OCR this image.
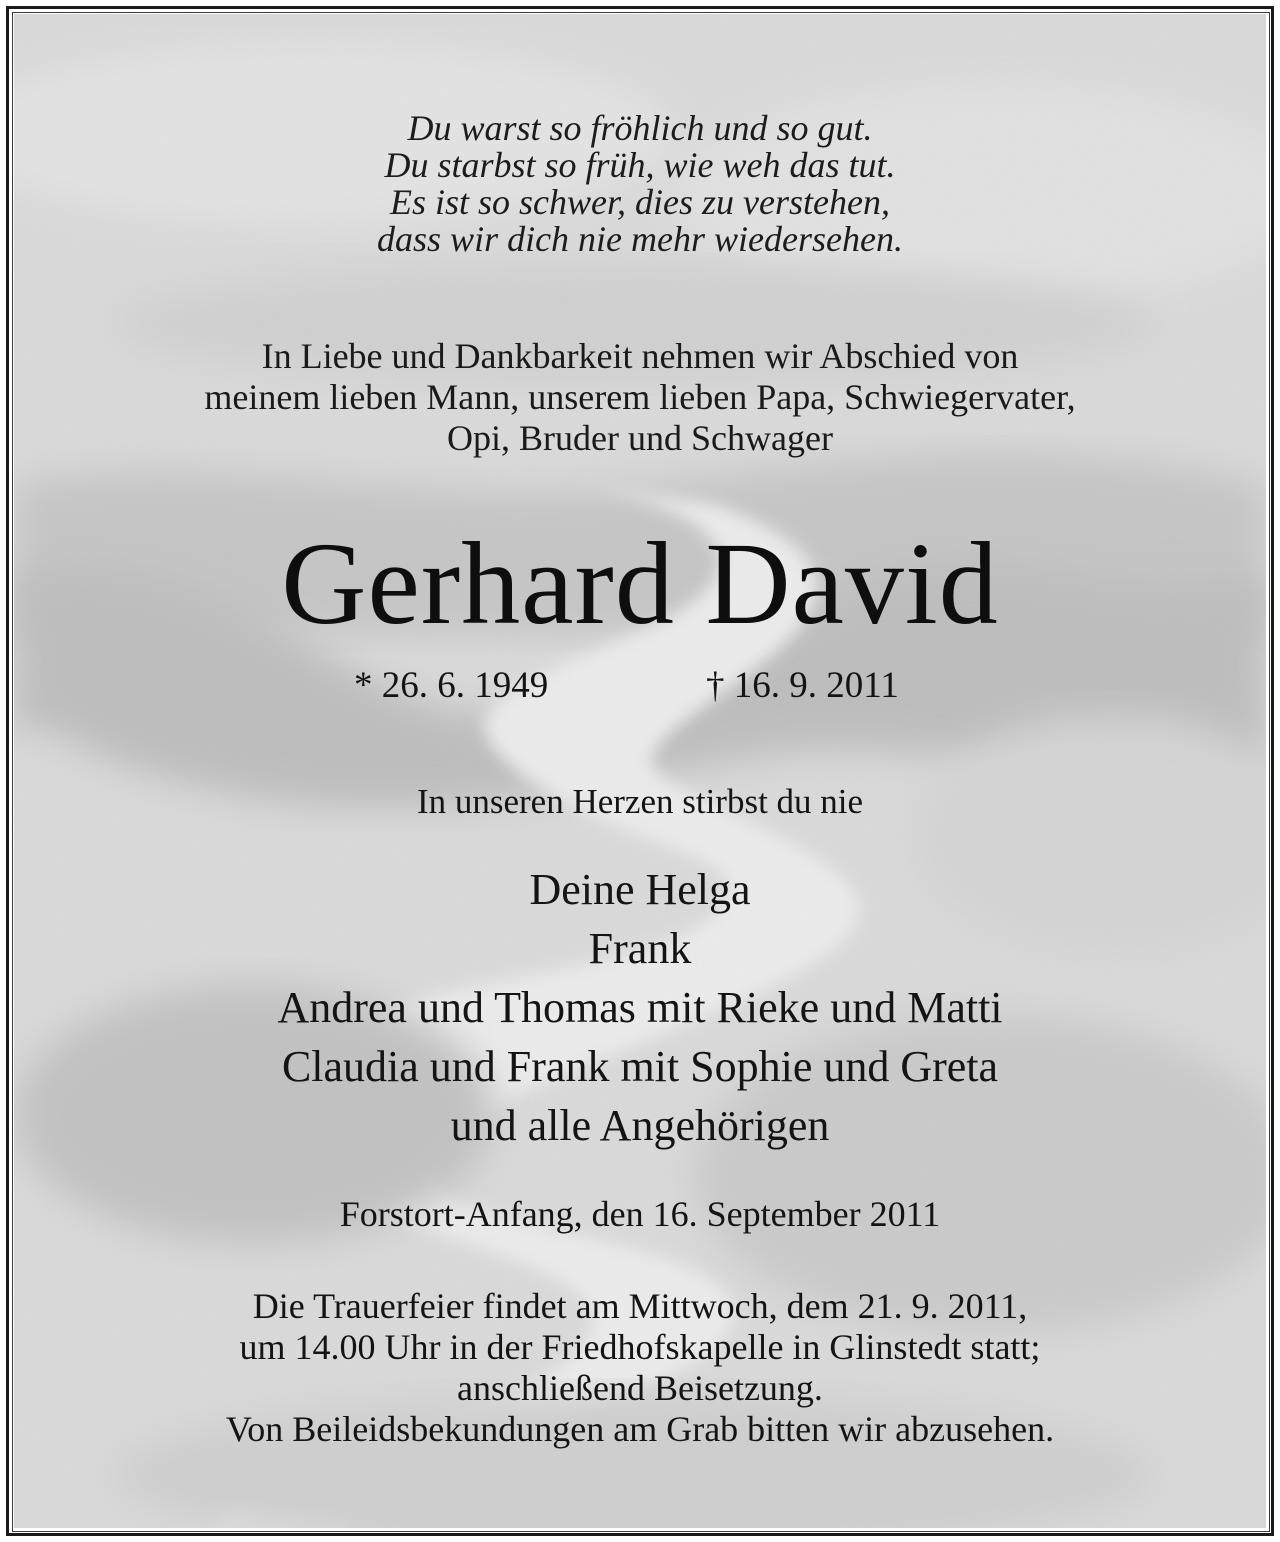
Du warst so fröhlich und so gut.
Du starbst so früh, wie weh das tut.
Es ist so schwer, dies zu verstehen,
dass wir dich nie mehr wiedersehen.
In Liebe und Dankbarkeit nehmen wir Abschied von
meinem lieben Mann, unserem lieben Papa, Schwiegervater,
Opi, Bruder und Schwager
Gerhard David
* 26. 6. 1949	† 16. 9. 2011
In unseren Herzen stirbst du nie
Deine Helga
Frank
Andrea und Thomas mit Rieke und Matti
Claudia und Frank mit Sophie und Greta
und alle Angehörigen
Forstort-Anfang, den 16. September 2011
Die Trauerfeier findet am Mittwoch, dem 21. 9. 2011,
um 14.00 Uhr in der Friedhofskapelle in Glinstedt statt;
anschließend Beisetzung.
Von Beileidsbekundungen am Grab bitten wir abzusehen.
